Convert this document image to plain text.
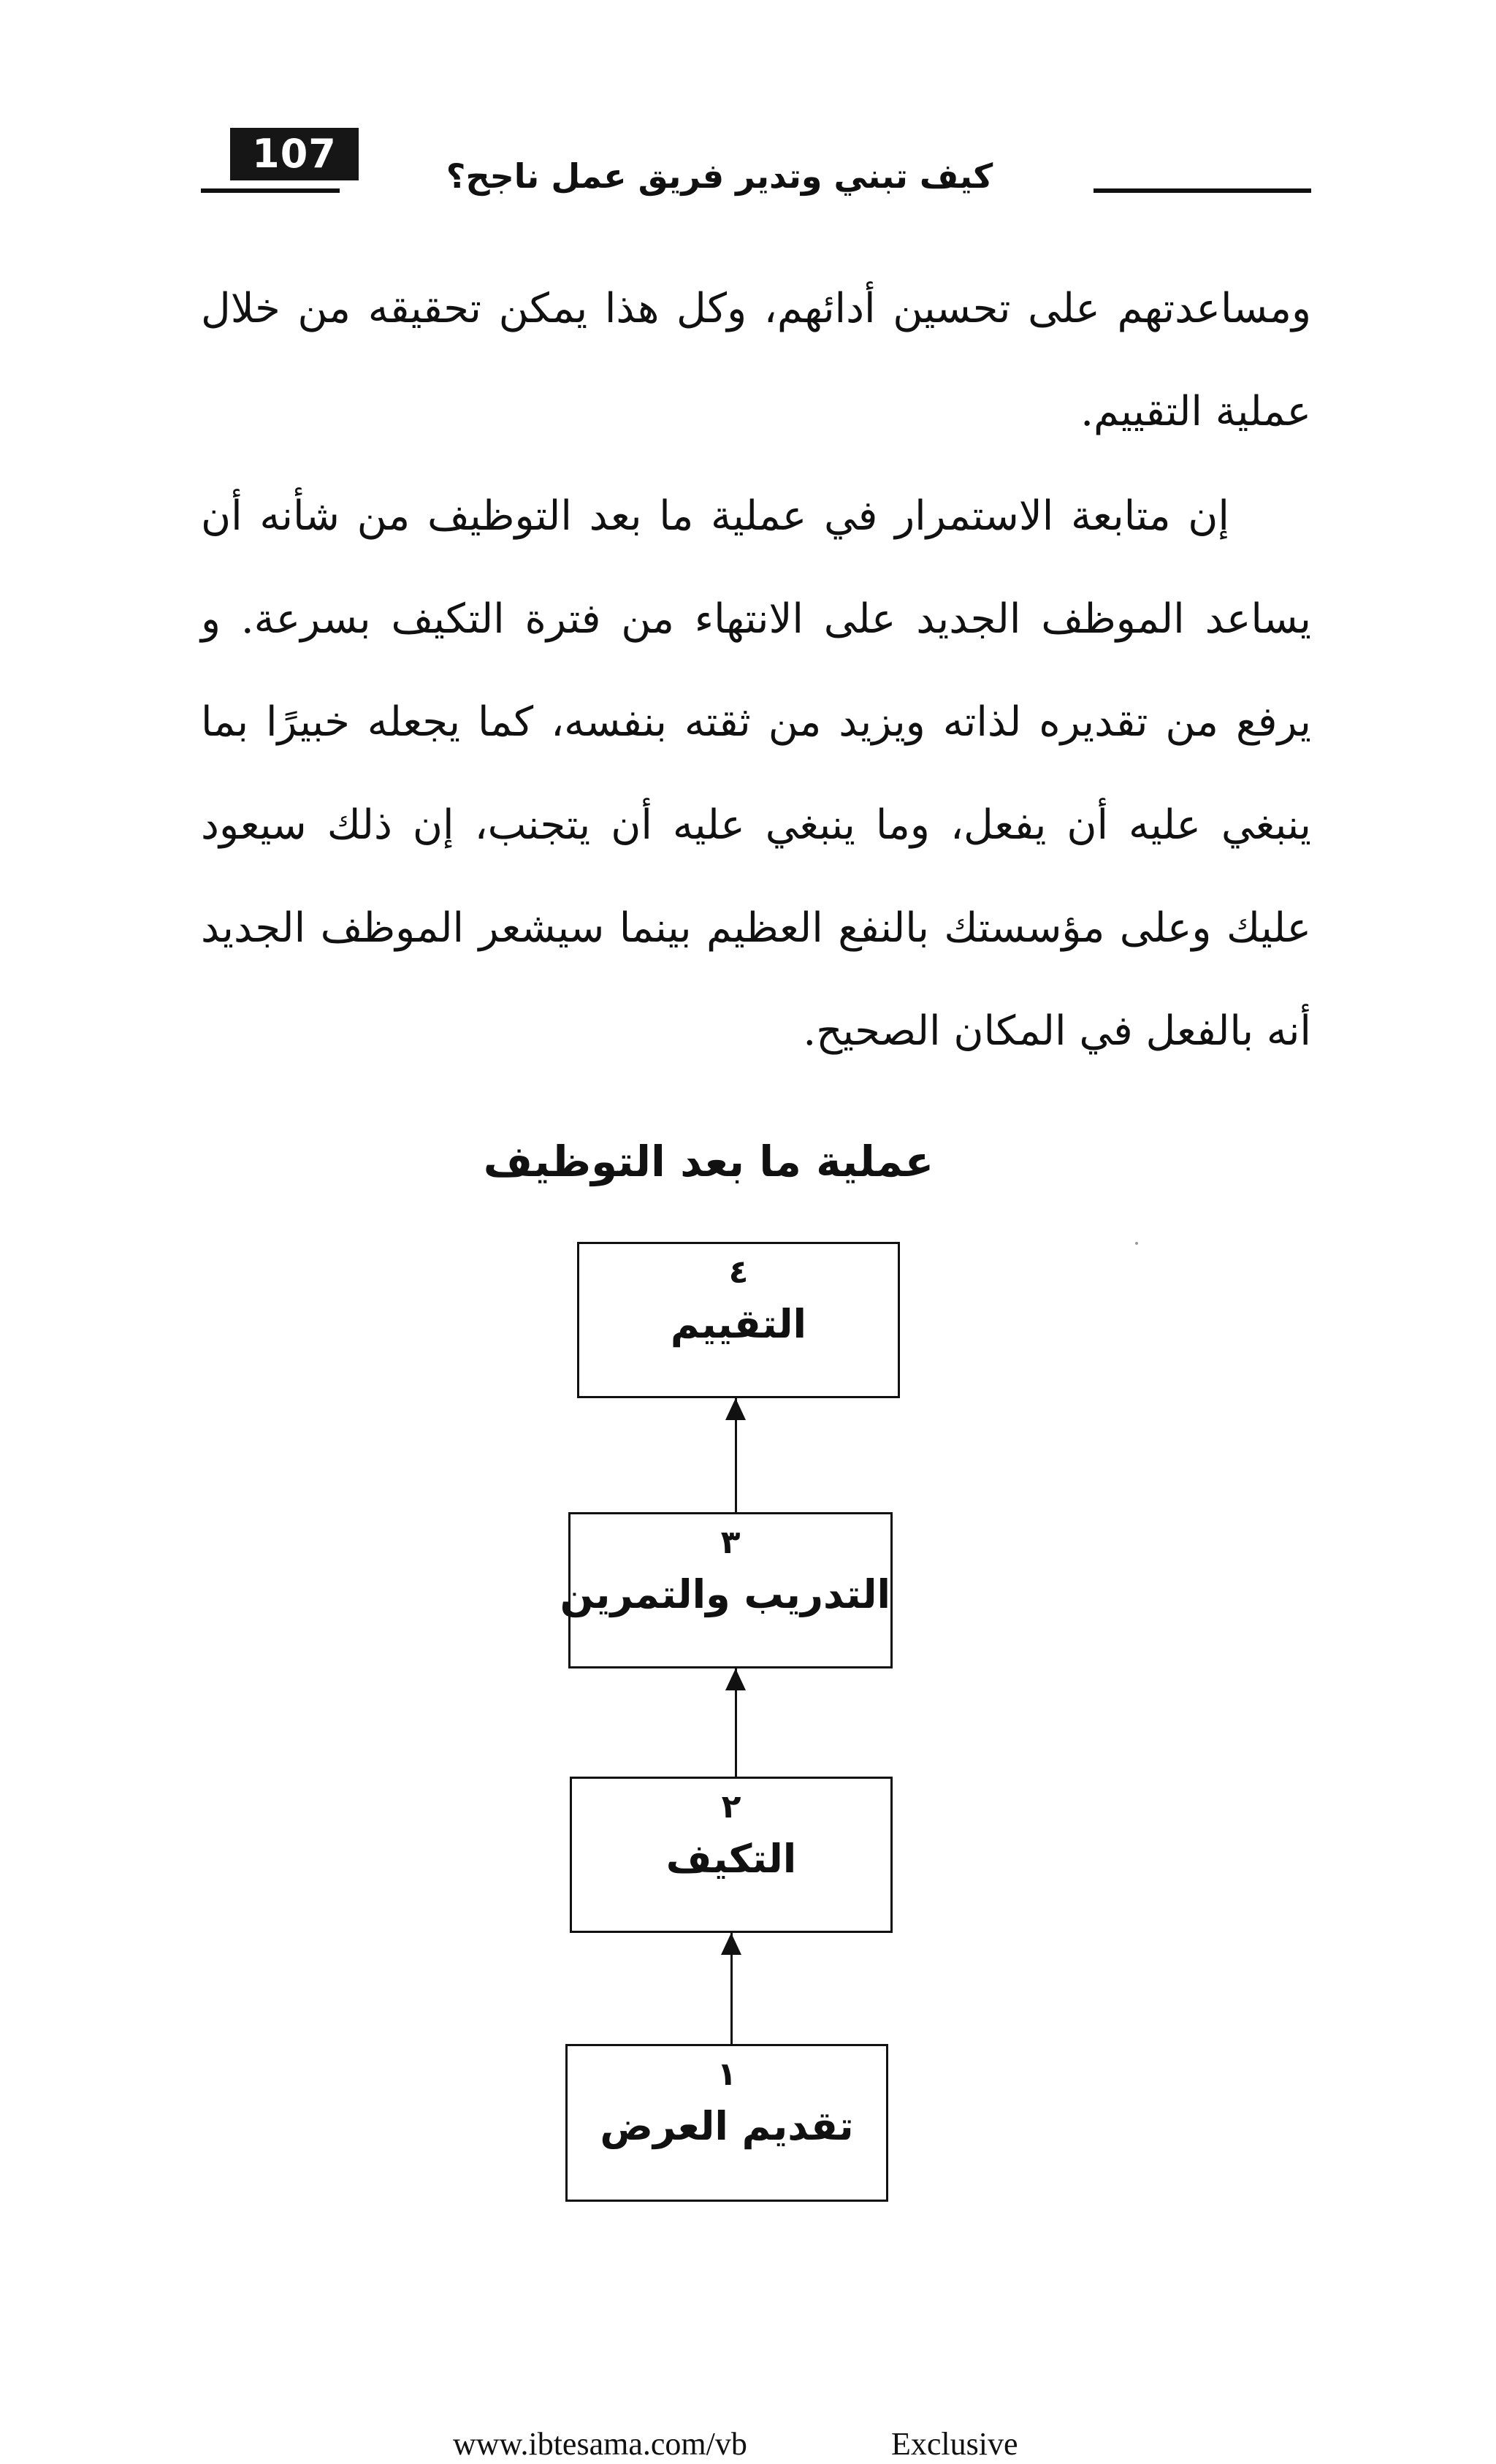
107	كيف تبني وتدير فريق عمل ناجح؟

ومساعدتهم على تحسين أدائهم، وكل هذا يمكن تحقيقه من خلال عملية التقييم.

إن متابعة الاستمرار في عملية ما بعد التوظيف من شأنه أن يساعد الموظف الجديد على الانتهاء من فترة التكيف بسرعة. و يرفع من تقديره لذاته ويزيد من ثقته بنفسه، كما يجعله خبيرًا بما ينبغي عليه أن يفعل، وما ينبغي عليه أن يتجنب، إن ذلك سيعود عليك وعلى مؤسستك بالنفع العظيم بينما سيشعر الموظف الجديد أنه بالفعل في المكان الصحيح.

عملية ما بعد التوظيف
٤
التقييم
٣
التدريب والتمرين
٢
التكيف
١
تقديم العرض
www.ibtesama.com/vb	Exclusive
